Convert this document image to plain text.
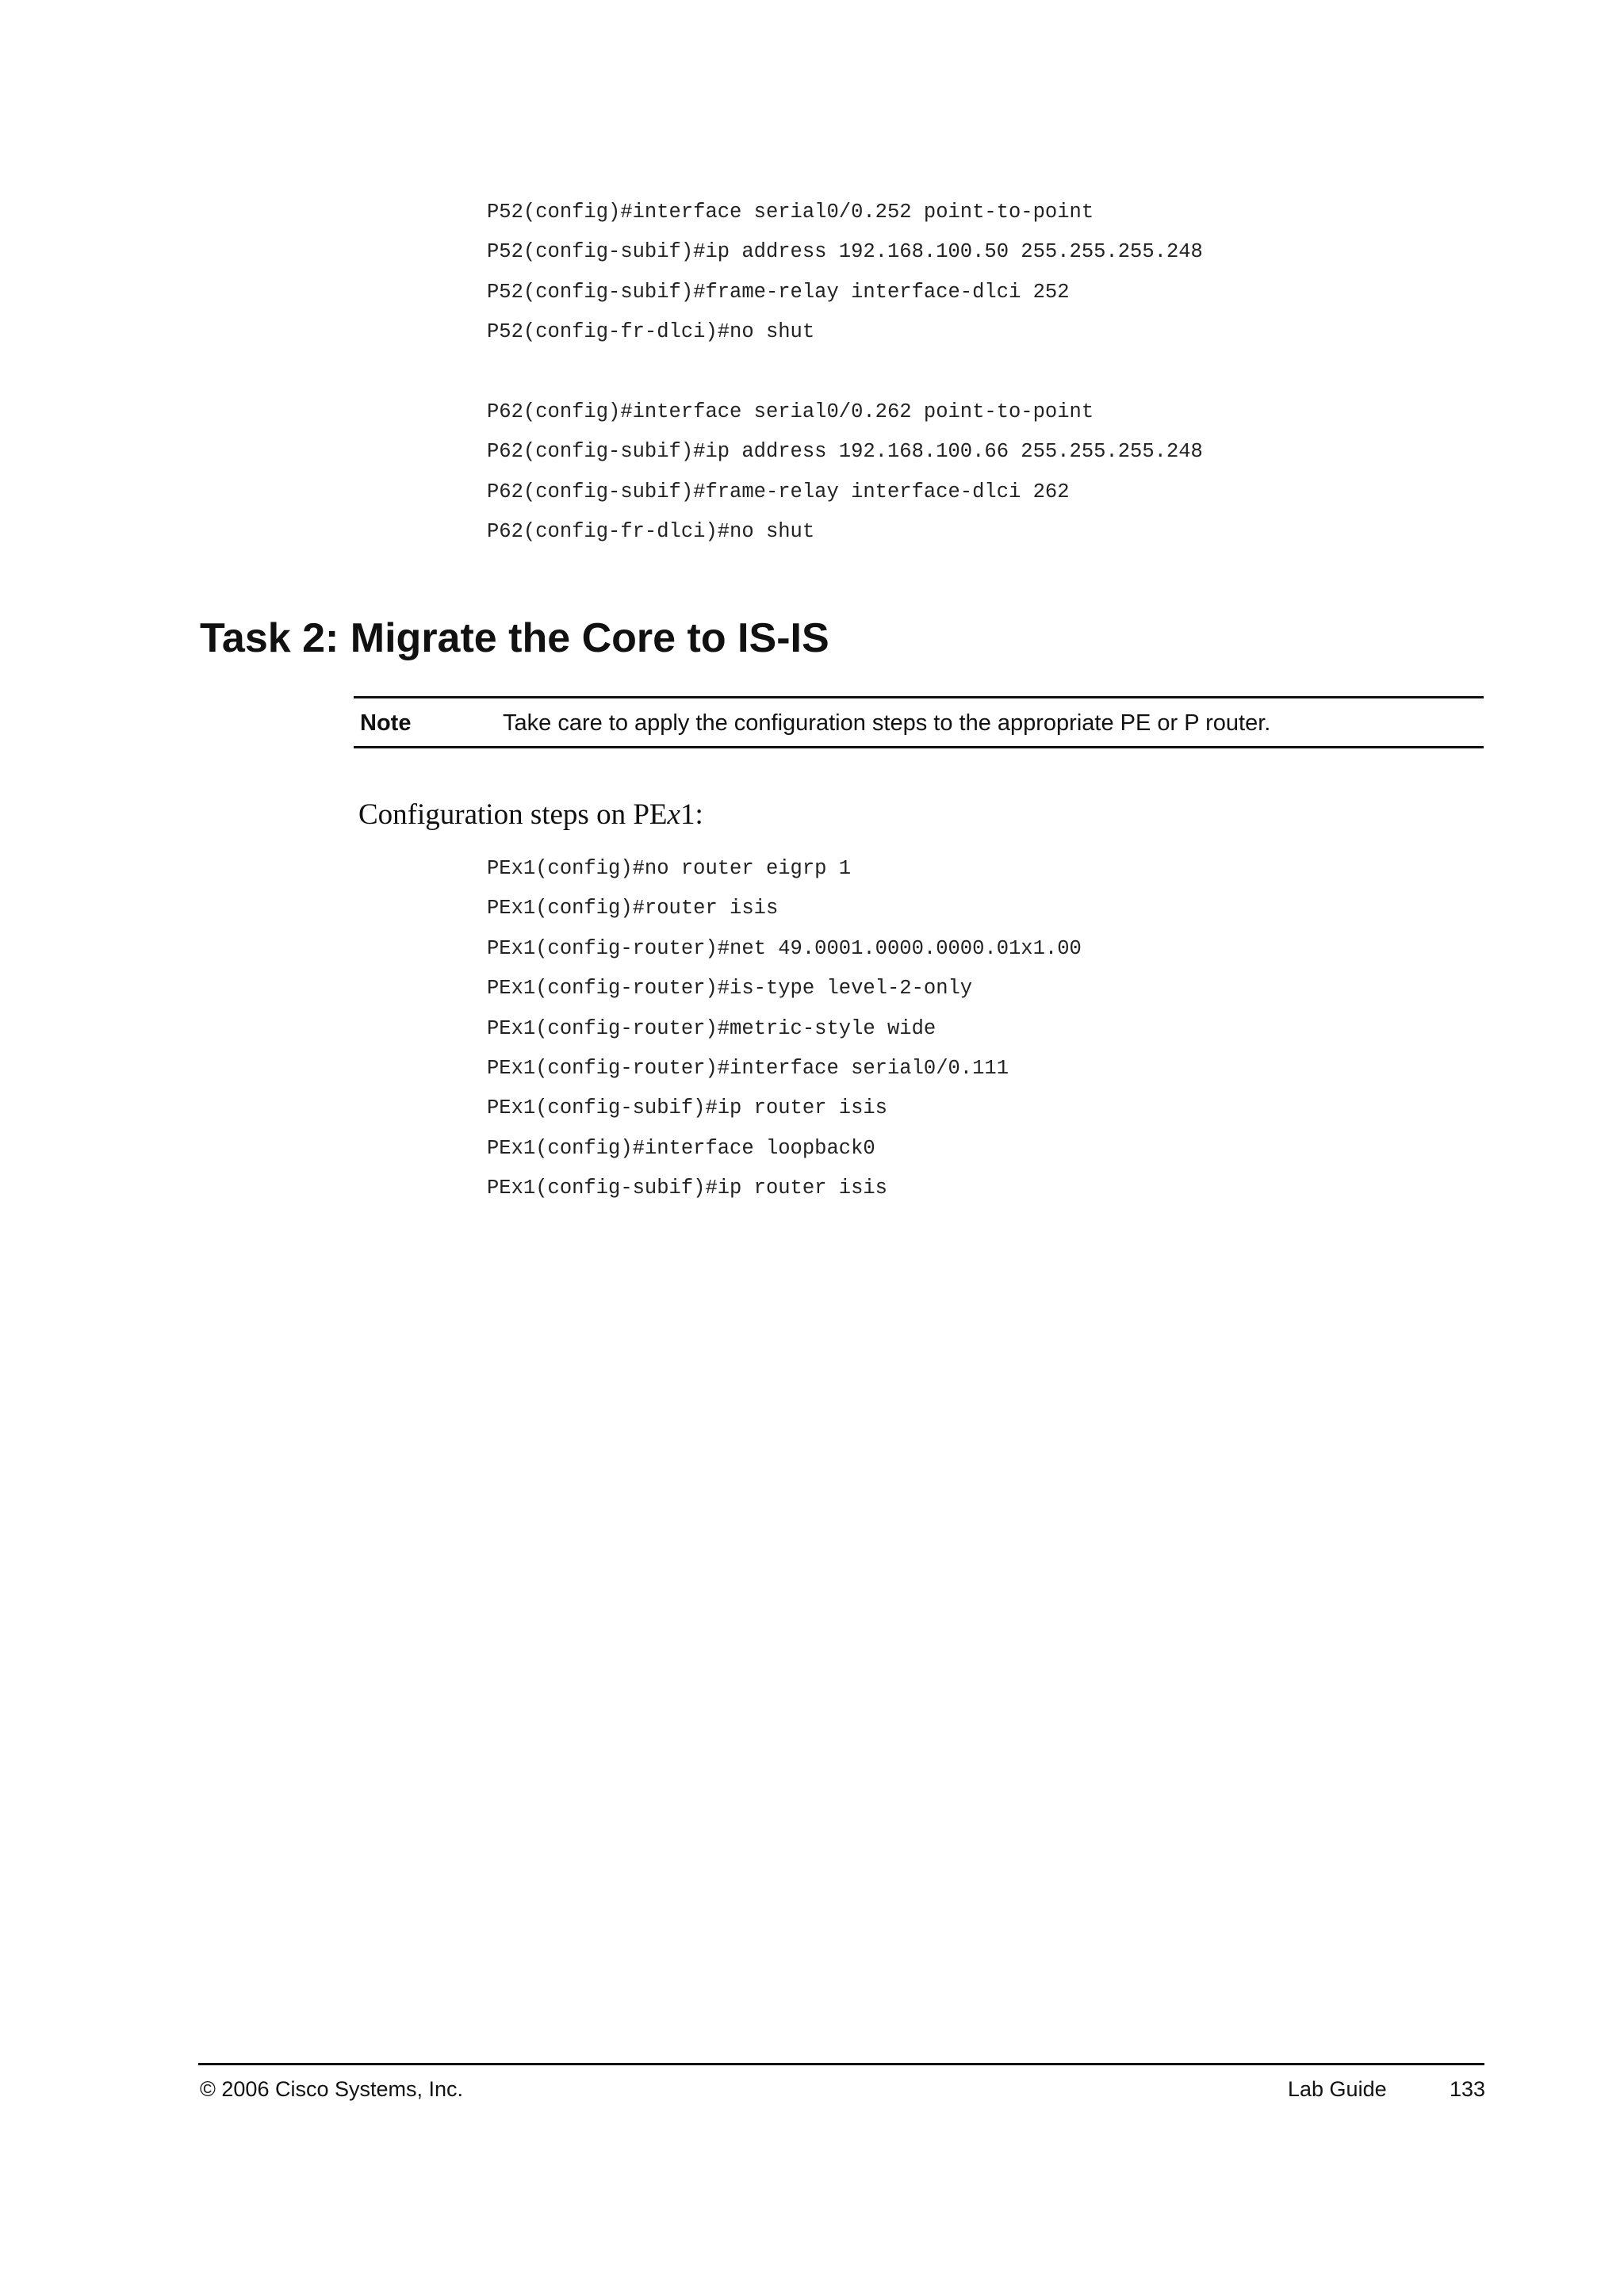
P52(config)#interface serial0/0.252 point-to-point
P52(config-subif)#ip address 192.168.100.50 255.255.255.248
P52(config-subif)#frame-relay interface-dlci 252
P52(config-fr-dlci)#no shut
P62(config)#interface serial0/0.262 point-to-point
P62(config-subif)#ip address 192.168.100.66 255.255.255.248
P62(config-subif)#frame-relay interface-dlci 262
P62(config-fr-dlci)#no shut
Task 2: Migrate the Core to IS-IS
Note	Take care to apply the configuration steps to the appropriate PE or P router.
Configuration steps on PEx1:
PEx1(config)#no router eigrp 1
PEx1(config)#router isis
PEx1(config-router)#net 49.0001.0000.0000.01x1.00
PEx1(config-router)#is-type level-2-only
PEx1(config-router)#metric-style wide
PEx1(config-router)#interface serial0/0.111
PEx1(config-subif)#ip router isis
PEx1(config)#interface loopback0
PEx1(config-subif)#ip router isis
© 2006 Cisco Systems, Inc.	Lab Guide	133
